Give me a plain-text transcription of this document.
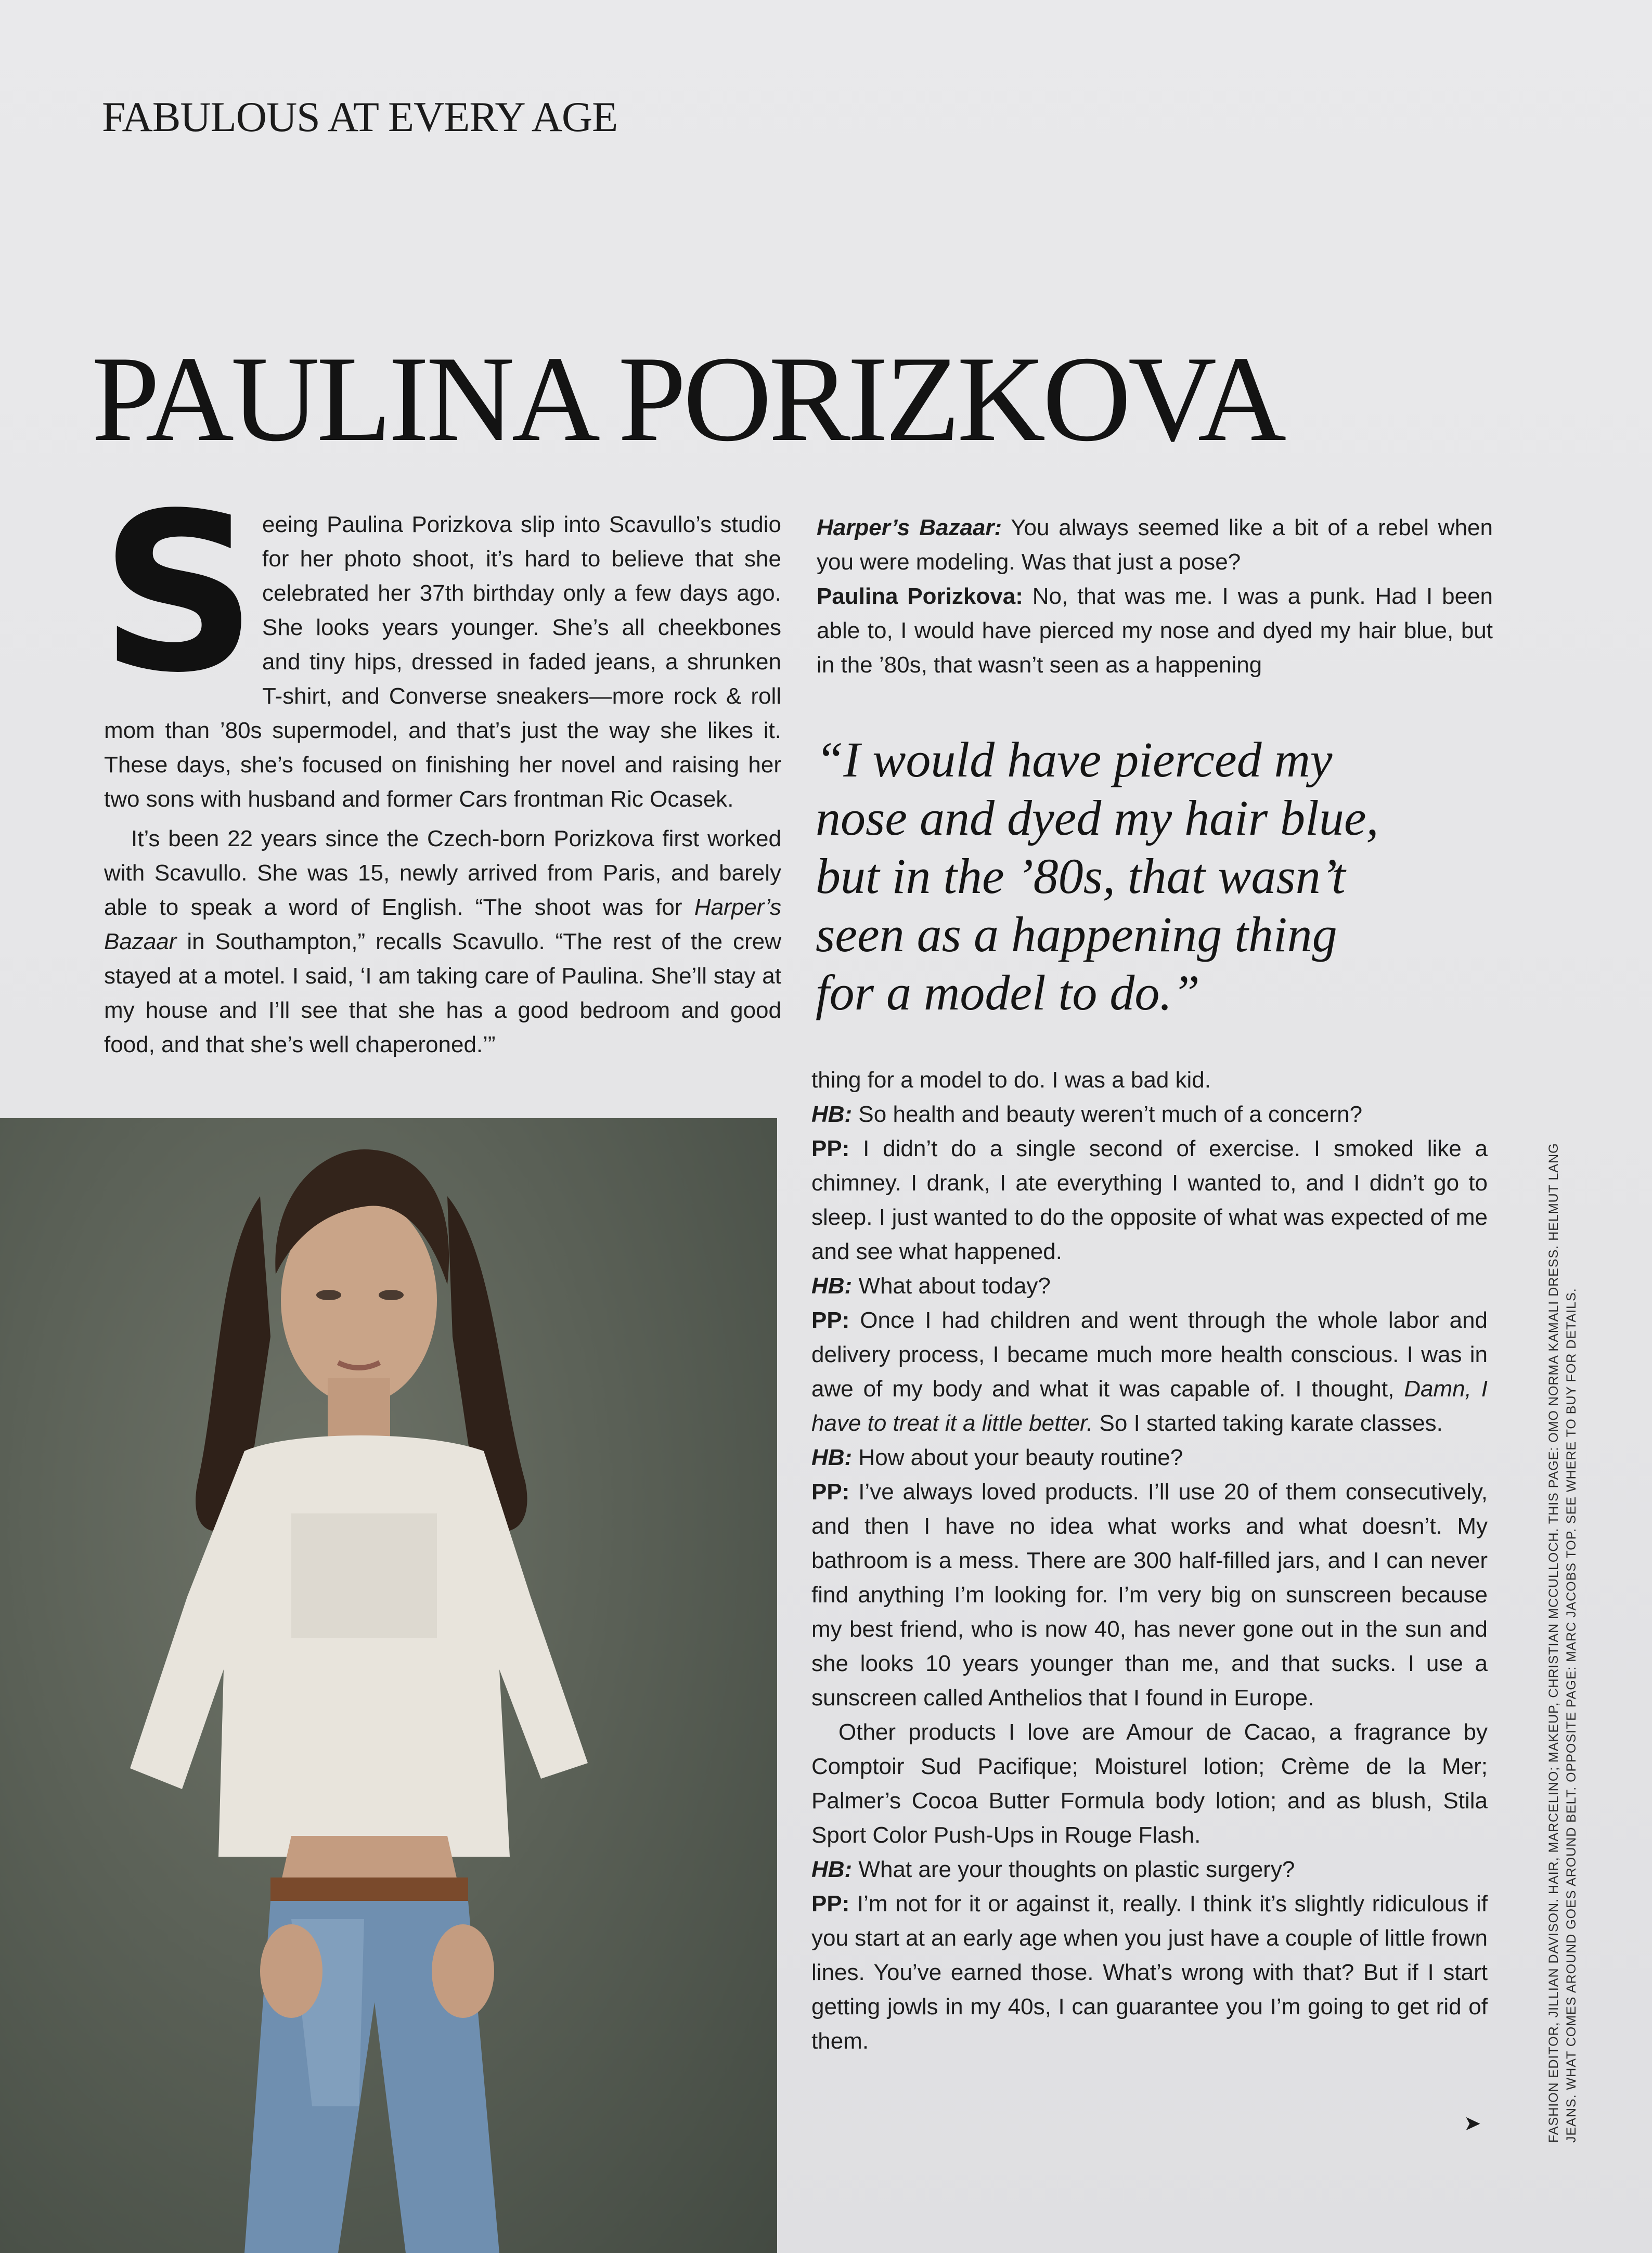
FABULOUS AT EVERY AGE
PAULINA PORIZKOVA

S eeing Paulina Porizkova slip into Scavullo’s studio for her photo shoot, it’s hard to believe that she celebrated her 37th birthday only a few days ago. She looks years younger. She’s all cheekbones and tiny hips, dressed in faded jeans, a shrunken T-shirt, and Converse sneakers—more rock & roll mom than ’80s supermodel, and that’s just the way she likes it. These days, she’s focused on finishing her novel and raising her two sons with husband and former Cars frontman Ric Ocasek.

It’s been 22 years since the Czech-born Porizkova first worked with Scavullo. She was 15, newly arrived from Paris, and barely able to speak a word of English. “The shoot was for Harper’s Bazaar in Southampton,” recalls Scavullo. “The rest of the crew stayed at a motel. I said, ‘I am taking care of Paulina. She’ll stay at my house and I’ll see that she has a good bedroom and good food, and that she’s well chaperoned.’”

Harper’s Bazaar: You always seemed like a bit of a rebel when you were modeling. Was that just a pose?

Paulina Porizkova: No, that was me. I was a punk. Had I been able to, I would have pierced my nose and dyed my hair blue, but in the ’80s, that wasn’t seen as a happening

“I would have pierced my
nose and dyed my hair blue,
but in the ’80s, that wasn’t
seen as a happening thing
for a model to do.”

thing for a model to do. I was a bad kid.

HB: So health and beauty weren’t much of a concern?

PP: I didn’t do a single second of exercise. I smoked like a chimney. I drank, I ate everything I wanted to, and I didn’t go to sleep. I just wanted to do the opposite of what was expected of me and see what happened.

HB: What about today?

PP: Once I had children and went through the whole labor and delivery process, I became much more health conscious. I was in awe of my body and what it was capable of. I thought, Damn, I have to treat it a little better. So I started taking karate classes.

HB: How about your beauty routine?

PP: I’ve always loved products. I’ll use 20 of them consecutively, and then I have no idea what works and what doesn’t. My bathroom is a mess. There are 300 half-filled jars, and I can never find anything I’m looking for. I’m very big on sunscreen because my best friend, who is now 40, has never gone out in the sun and she looks 10 years younger than me, and that sucks. I use a sunscreen called Anthelios that I found in Europe.

Other products I love are Amour de Cacao, a fragrance by Comptoir Sud Pacifique; Moisturel lotion; Crème de la Mer; Palmer’s Cocoa Butter Formula body lotion; and as blush, Stila Sport Color Push-Ups in Rouge Flash.

HB: What are your thoughts on plastic surgery?

PP: I’m not for it or against it, really. I think it’s slightly ridiculous if you start at an early age when you just have a couple of little frown lines. You’ve earned those. What’s wrong with that? But if I start getting jowls in my 40s, I can guarantee you I’m going to get rid of them.

➤	FASHION EDITOR, JILLIAN DAVISON. HAIR, MARCELINO; MAKEUP, CHRISTIAN MCCULLOCH. THIS PAGE: OMO NORMA KAMALI DRESS. HELMUT LANG JEANS. WHAT COMES AROUND GOES AROUND BELT. OPPOSITE PAGE: MARC JACOBS TOP. SEE WHERE TO BUY FOR DETAILS.
